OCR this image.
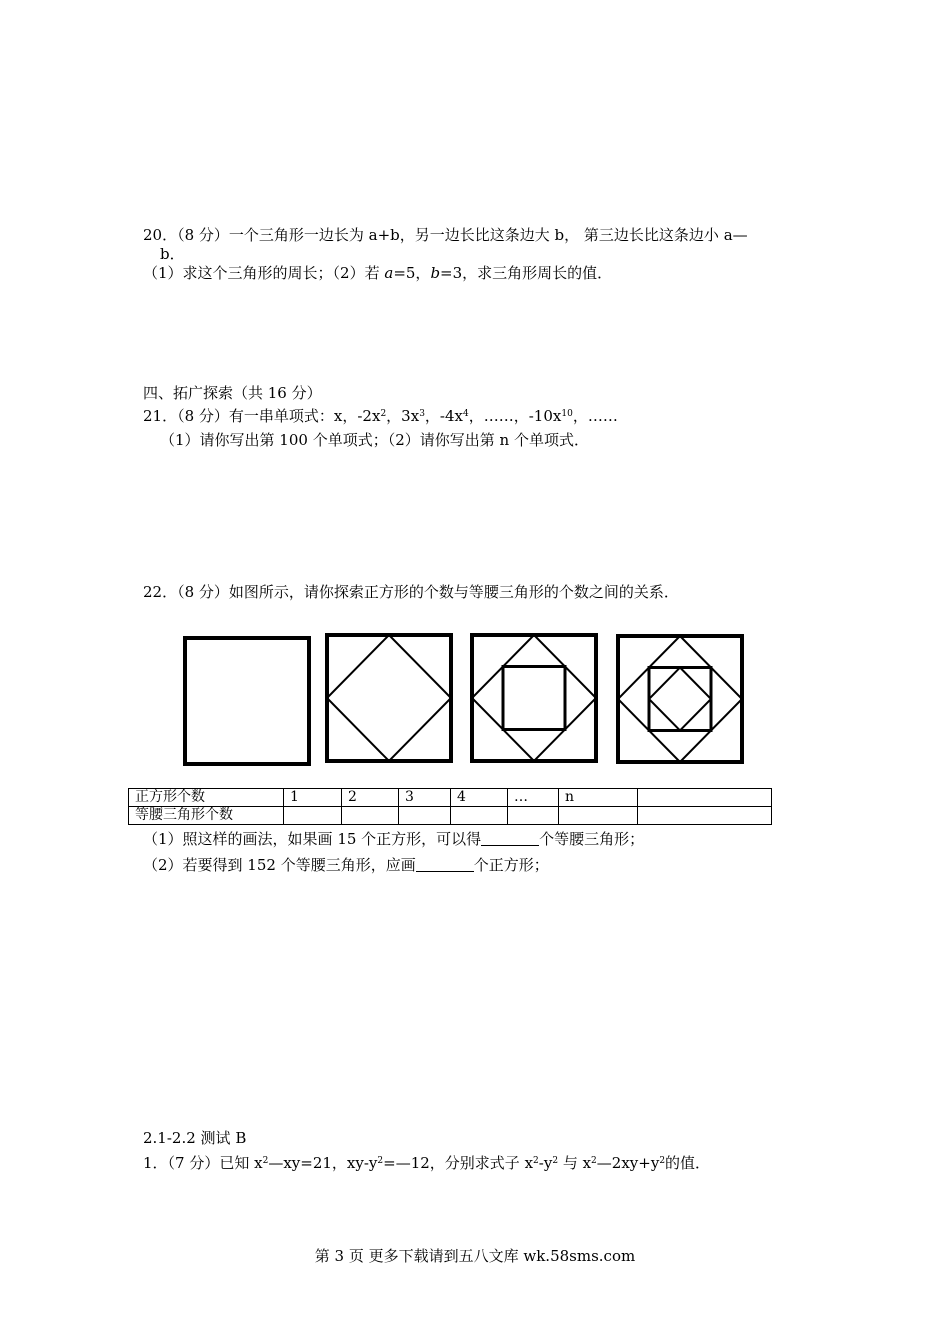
20．（8 分）一个三角形一边长为 a+b，另一边长比这条边大 b， 第三边长比这条边小 a—
b．
（1）求这个三角形的周长；（2）若 a=5，b=3，求三角形周长的值．
四、拓广探索（共 16 分）
21．（8 分）有一串单项式：x，$-2x^2$，$3x^3$，$-4x^4$，……，$-10x^{10}$，……
（1）请你写出第 100 个单项式；（2）请你写出第 n 个单项式．
22．（8 分）如图所示，请你探索正方形的个数与等腰三角形的个数之间的关系．
正方形个数	1	2	3	4	…	n	
等腰三角形个数							
（1）照这样的画法，如果画 15 个正方形，可以得	个等腰三角形；
（2）若要得到 152 个等腰三角形，应画	个正方形；
2.1-2.2 测试 B
1．（7 分）已知 $x^2—xy=21$，$xy-y^2=—12$，分别求式子 $x^2-y^2$ 与 $x^2—2xy+y^2$的值．
第 3 页 更多下载请到五八文库 wk.58sms.com
